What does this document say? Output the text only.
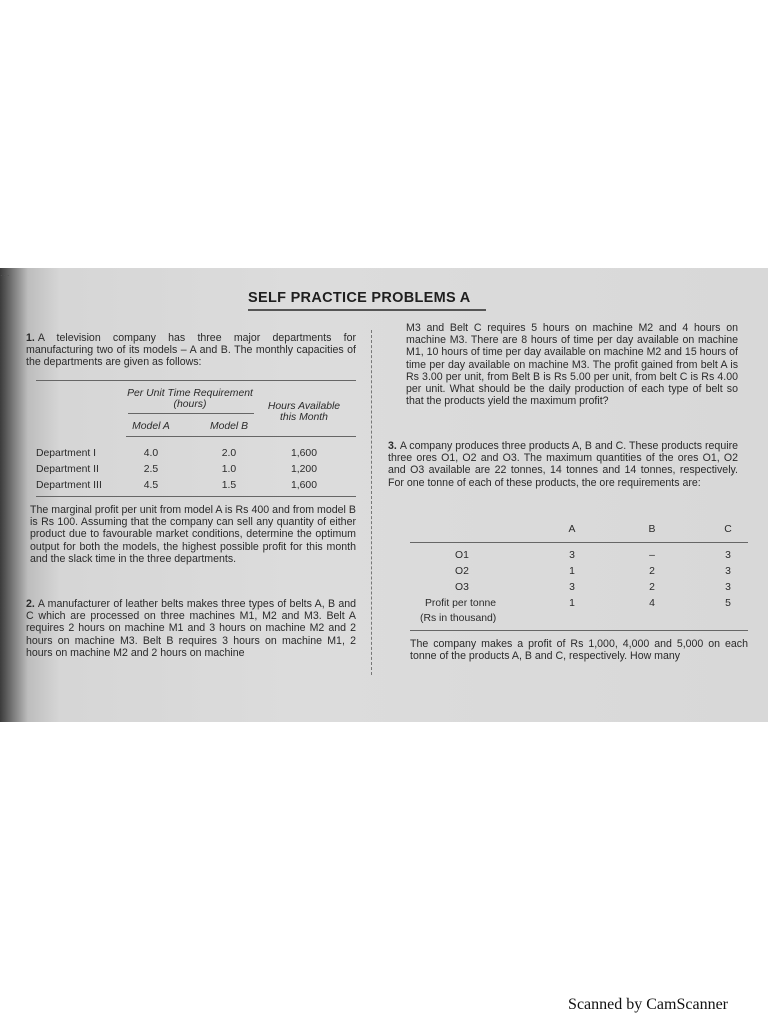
...
SELF PRACTICE PROBLEMS A

1. A television company has three major departments for manufacturing two of its models – A and B. The monthly capacities of the departments are given as follows:

Per Unit Time Requirement (hours)	Hours Available this Month
Model A	Model B
Department I	4.0	2.0	1,600
Department II	2.5	1.0	1,200
Department III	4.5	1.5	1,600

The marginal profit per unit from model A is Rs 400 and from model B is Rs 100. Assuming that the company can sell any quantity of either product due to favourable market conditions, determine the optimum output for both the models, the highest possible profit for this month and the slack time in the three departments.

2. A manufacturer of leather belts makes three types of belts A, B and C which are processed on three machines M1, M2 and M3. Belt A requires 2 hours on machine M1 and 3 hours on machine M2 and 2 hours on machine M3. Belt B requires 3 hours on machine M1, 2 hours on machine M2 and 2 hours on machine

M3 and Belt C requires 5 hours on machine M2 and 4 hours on machine M3. There are 8 hours of time per day available on machine M1, 10 hours of time per day available on machine M2 and 15 hours of time per day available on machine M3. The profit gained from belt A is Rs 3.00 per unit, from Belt B is Rs 5.00 per unit, from belt C is Rs 4.00 per unit. What should be the daily production of each type of belt so that the products yield the maximum profit?

3. A company produces three products A, B and C. These products require three ores O1, O2 and O3. The maximum quantities of the ores O1, O2 and O3 available are 22 tonnes, 14 tonnes and 14 tonnes, respectively. For one tonne of each of these products, the ore requirements are:

A	B	C
O1	3	–	3
O2	1	2	3
O3	3	2	3
Profit per tonne	1	4	5
(Rs in thousand)

The company makes a profit of Rs 1,000, 4,000 and 5,000 on each tonne of the products A, B and C, respectively. How many

Scanned by CamScanner
